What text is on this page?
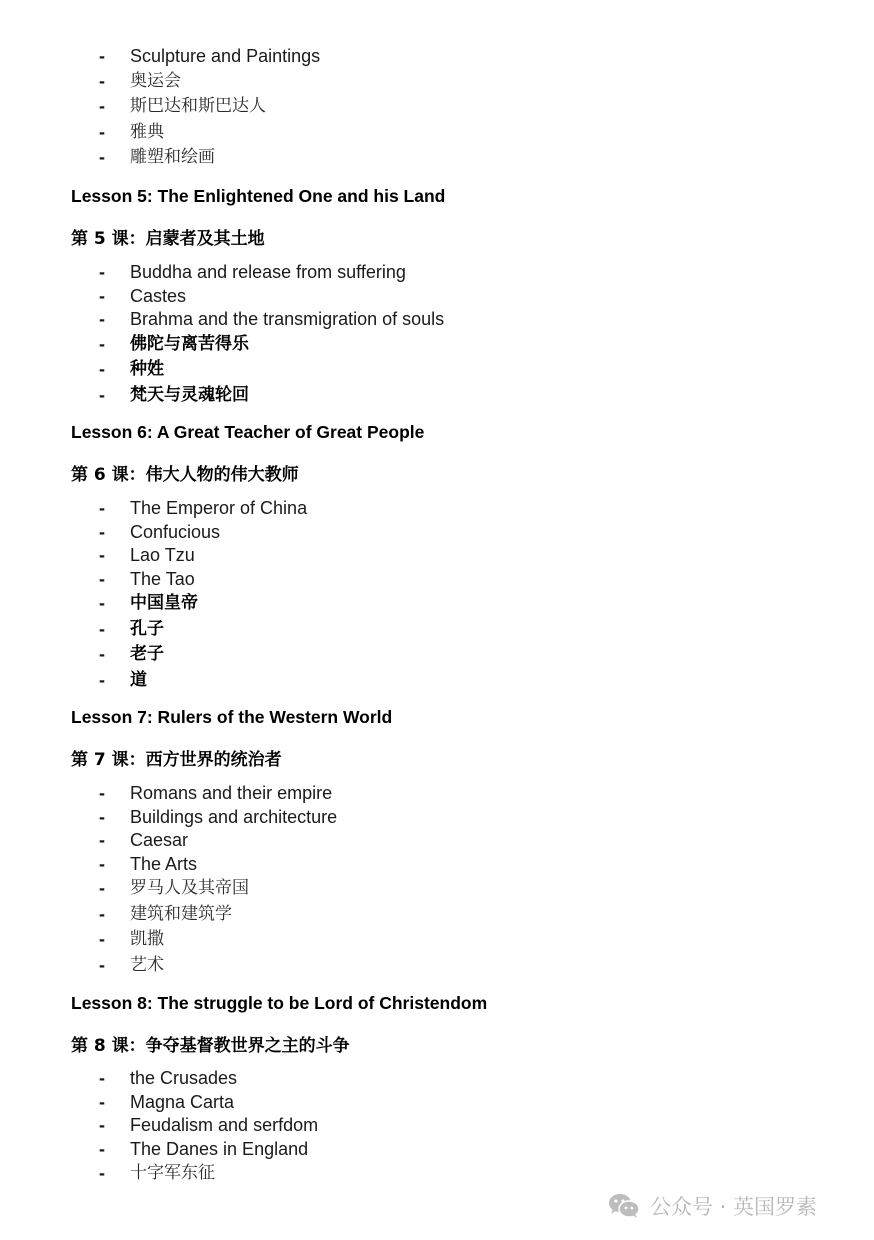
- Sculpture and Paintings
- 奥运会
- 斯巴达和斯巴达人
- 雅典
- 雕塑和绘画
Lesson 5: The Enlightened One and his Land
第 5 课：启蒙者及其土地
- Buddha and release from suffering
- Castes
- Brahma and the transmigration of souls
- 佛陀与离苦得乐
- 种姓
- 梵天与灵魂轮回
Lesson 6: A Great Teacher of Great People
第 6 课：伟大人物的伟大教师
- The Emperor of China
- Confucious
- Lao Tzu
- The Tao
- 中国皇帝
- 孔子
- 老子
- 道
Lesson 7: Rulers of the Western World
第 7 课：西方世界的统治者
- Romans and their empire
- Buildings and architecture
- Caesar
- The Arts
- 罗马人及其帝国
- 建筑和建筑学
- 凯撒
- 艺术
Lesson 8: The struggle to be Lord of Christendom
第 8 课：争夺基督教世界之主的斗争
- the Crusades
- Magna Carta
- Feudalism and serfdom
- The Danes in England
- 十字军东征
公众号 · 英国罗素
